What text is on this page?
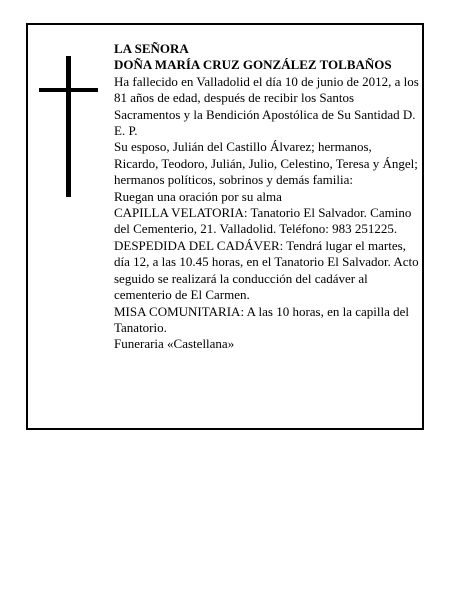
LA SEÑORA

DOÑA MARÍA CRUZ GONZÁLEZ TOLBAÑOS

Ha fallecido en Valladolid el día 10 de junio de 2012, a los 81 años de edad, después de recibir los Santos Sacramentos y la Bendición Apostólica de Su Santidad D. E. P.

Su esposo, Julián del Castillo Álvarez; hermanos, Ricardo, Teodoro, Julián, Julio, Celestino, Teresa y Ángel; hermanos políticos, sobrinos y demás familia:

Ruegan una oración por su alma

CAPILLA VELATORIA: Tanatorio El Salvador. Camino del Cementerio, 21. Valladolid. Teléfono: 983 251225.

DESPEDIDA DEL CADÁVER: Tendrá lugar el martes, día 12, a las 10.45 horas, en el Tanatorio El Salvador. Acto seguido se realizará la conducción del cadáver al cementerio de El Carmen.

MISA COMUNITARIA: A las 10 horas, en la capilla del Tanatorio.

Funeraria «Castellana»
